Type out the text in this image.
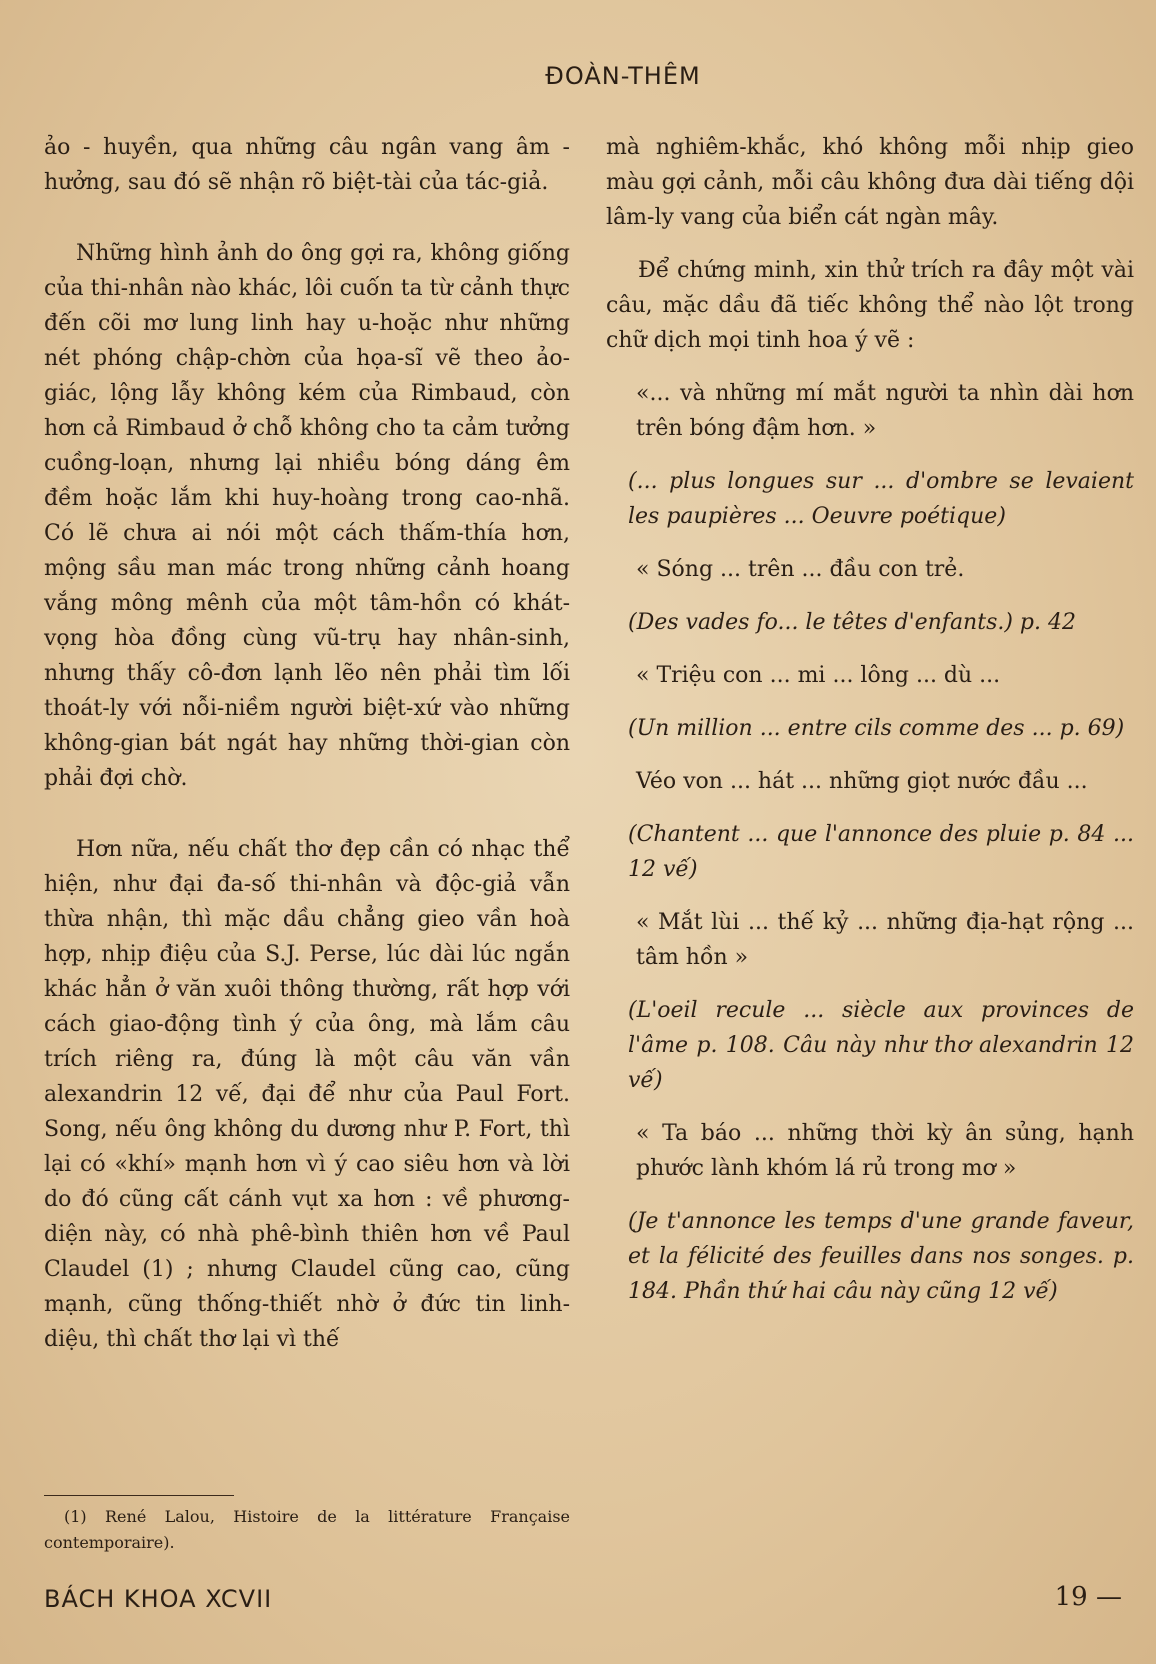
ĐOÀN-THÊM

ảo - huyền, qua những câu ngân vang âm - hưởng, sau đó sẽ nhận rõ biệt-tài của tác-giả.

Những hình ảnh do ông gợi ra, không giống của thi-nhân nào khác, lôi cuốn ta từ cảnh thực đến cõi mơ lung linh hay u-hoặc như những nét phóng chập-chờn của họa-sĩ vẽ theo ảo-giác, lộng lẫy không kém của Rimbaud, còn hơn cả Rimbaud ở chỗ không cho ta cảm tưởng cuồng-loạn, nhưng lại nhiều bóng dáng êm đềm hoặc lắm khi huy-hoàng trong cao-nhã. Có lẽ chưa ai nói một cách thấm-thía hơn, mộng sầu man mác trong những cảnh hoang vắng mông mênh của một tâm-hồn có khát-vọng hòa đồng cùng vũ-trụ hay nhân-sinh, nhưng thấy cô-đơn lạnh lẽo nên phải tìm lối thoát-ly với nỗi-niềm người biệt-xứ vào những không-gian bát ngát hay những thời-gian còn phải đợi chờ.

Hơn nữa, nếu chất thơ đẹp cần có nhạc thể hiện, như đại đa-số thi-nhân và độc-giả vẫn thừa nhận, thì mặc dầu chẳng gieo vần hoà hợp, nhịp điệu của S.J. Perse, lúc dài lúc ngắn khác hẳn ở văn xuôi thông thường, rất hợp với cách giao-động tình ý của ông, mà lắm câu trích riêng ra, đúng là một câu văn vần alexandrin 12 vế, đại để như của Paul Fort. Song, nếu ông không du dương như P. Fort, thì lại có «khí» mạnh hơn vì ý cao siêu hơn và lời do đó cũng cất cánh vụt xa hơn : về phương-diện này, có nhà phê-bình thiên hơn về Paul Claudel (1) ; nhưng Claudel cũng cao, cũng mạnh, cũng thống-thiết nhờ ở đức tin linh-diệu, thì chất thơ lại vì thế

mà nghiêm-khắc, khó không mỗi nhịp gieo màu gợi cảnh, mỗi câu không đưa dài tiếng dội lâm-ly vang của biển cát ngàn mây.

Để chứng minh, xin thử trích ra đây một vài câu, mặc dầu đã tiếc không thể nào lột trong chữ dịch mọi tinh hoa ý vẽ :

«... và những mí mắt người ta nhìn dài hơn trên bóng đậm hơn. »

(... plus longues sur ... d'ombre se levaient les paupières ... Oeuvre poétique)

« Sóng ... trên ... đầu con trẻ.

(Des vades fo... le têtes d'enfants.) p. 42

« Triệu con ... mi ... lông ... dù ...

(Un million ... entre cils comme des ... p. 69)

Véo von ... hát ... những giọt nước đầu ...

(Chantent ... que l'annonce des pluie p. 84 ... 12 vế)

« Mắt lùi ... thế kỷ ... những địa-hạt rộng ... tâm hồn »

(L'oeil recule ... siècle aux provinces de l'âme p. 108. Câu này như thơ alexandrin 12 vế)

« Ta báo ... những thời kỳ ân sủng, hạnh phước lành khóm lá rủ trong mơ »

(Je t'annonce les temps d'une grande faveur, et la félicité des feuilles dans nos songes. p. 184. Phần thứ hai câu này cũng 12 vế)

(1) René Lalou, Histoire de la littérature Française contemporaire).
BÁCH KHOA XCVII	19 —
